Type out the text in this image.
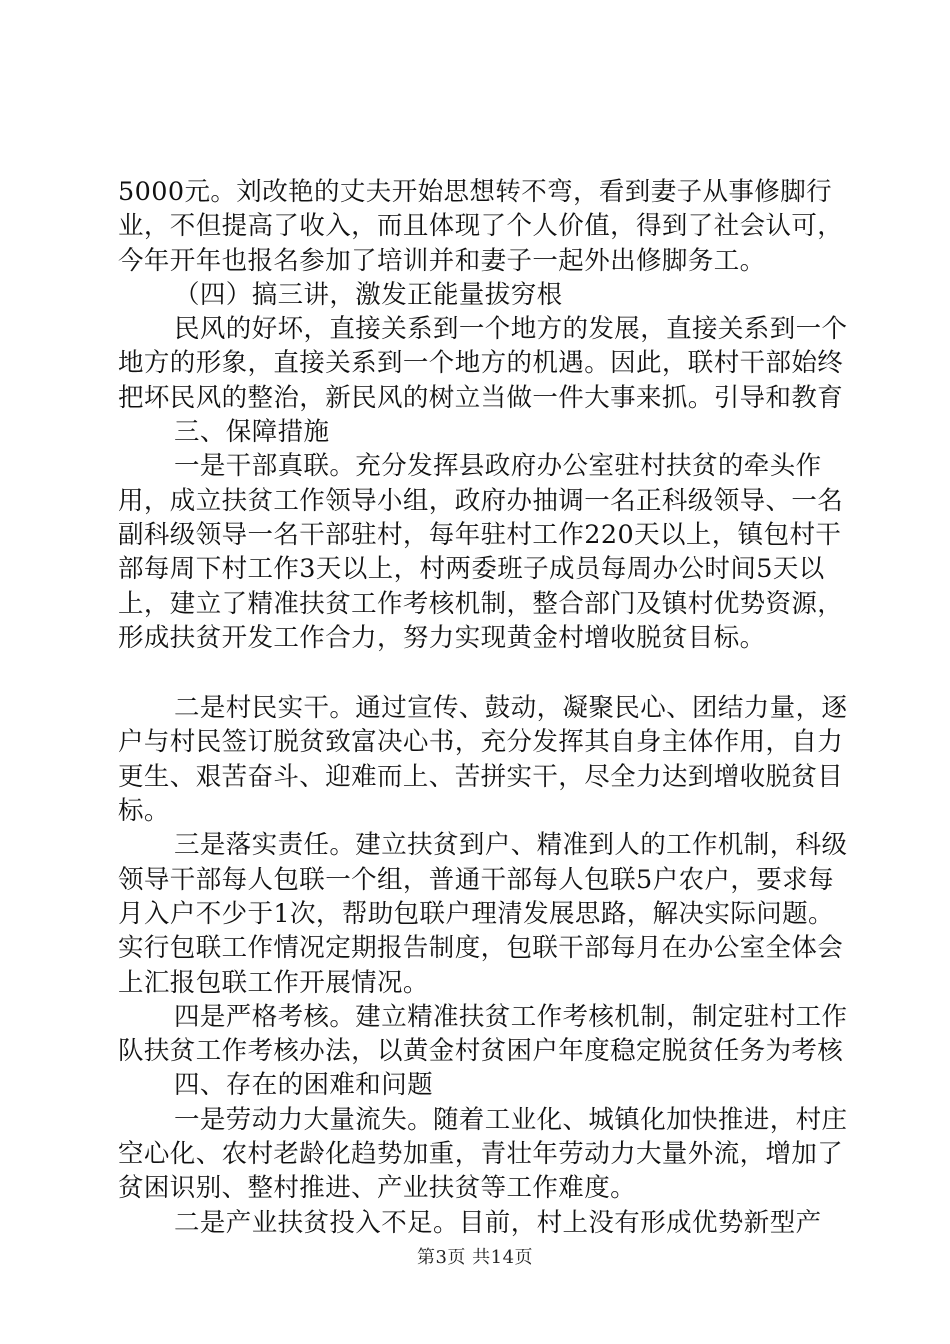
5000元。刘改艳的丈夫开始思想转不弯，看到妻子从事修脚行业，不但提高了收入，而且体现了个人价值，得到了社会认可，今年开年也报名参加了培训并和妻子一起外出修脚务工。

（四）搞三讲，激发正能量拔穷根

民风的好坏，直接关系到一个地方的发展，直接关系到一个地方的形象，直接关系到一个地方的机遇。因此，联村干部始终把坏民风的整治，新民风的树立当做一件大事来抓。引导和教育

三、保障措施

一是干部真联。充分发挥县政府办公室驻村扶贫的牵头作用，成立扶贫工作领导小组，政府办抽调一名正科级领导、一名副科级领导一名干部驻村，每年驻村工作220天以上，镇包村干部每周下村工作3天以上，村两委班子成员每周办公时间5天以上，建立了精准扶贫工作考核机制，整合部门及镇村优势资源，形成扶贫开发工作合力，努力实现黄金村增收脱贫目标。

二是村民实干。通过宣传、鼓动，凝聚民心、团结力量，逐户与村民签订脱贫致富决心书，充分发挥其自身主体作用，自力更生、艰苦奋斗、迎难而上、苦拼实干，尽全力达到增收脱贫目标。

三是落实责任。建立扶贫到户、精准到人的工作机制，科级领导干部每人包联一个组，普通干部每人包联5户农户，要求每月入户不少于1次，帮助包联户理清发展思路，解决实际问题。实行包联工作情况定期报告制度，包联干部每月在办公室全体会上汇报包联工作开展情况。

四是严格考核。建立精准扶贫工作考核机制，制定驻村工作队扶贫工作考核办法，以黄金村贫困户年度稳定脱贫任务为考核

四、存在的困难和问题

一是劳动力大量流失。随着工业化、城镇化加快推进，村庄空心化、农村老龄化趋势加重，青壮年劳动力大量外流，增加了贫困识别、整村推进、产业扶贫等工作难度。

二是产业扶贫投入不足。目前，村上没有形成优势新型产

第3页 共14页
